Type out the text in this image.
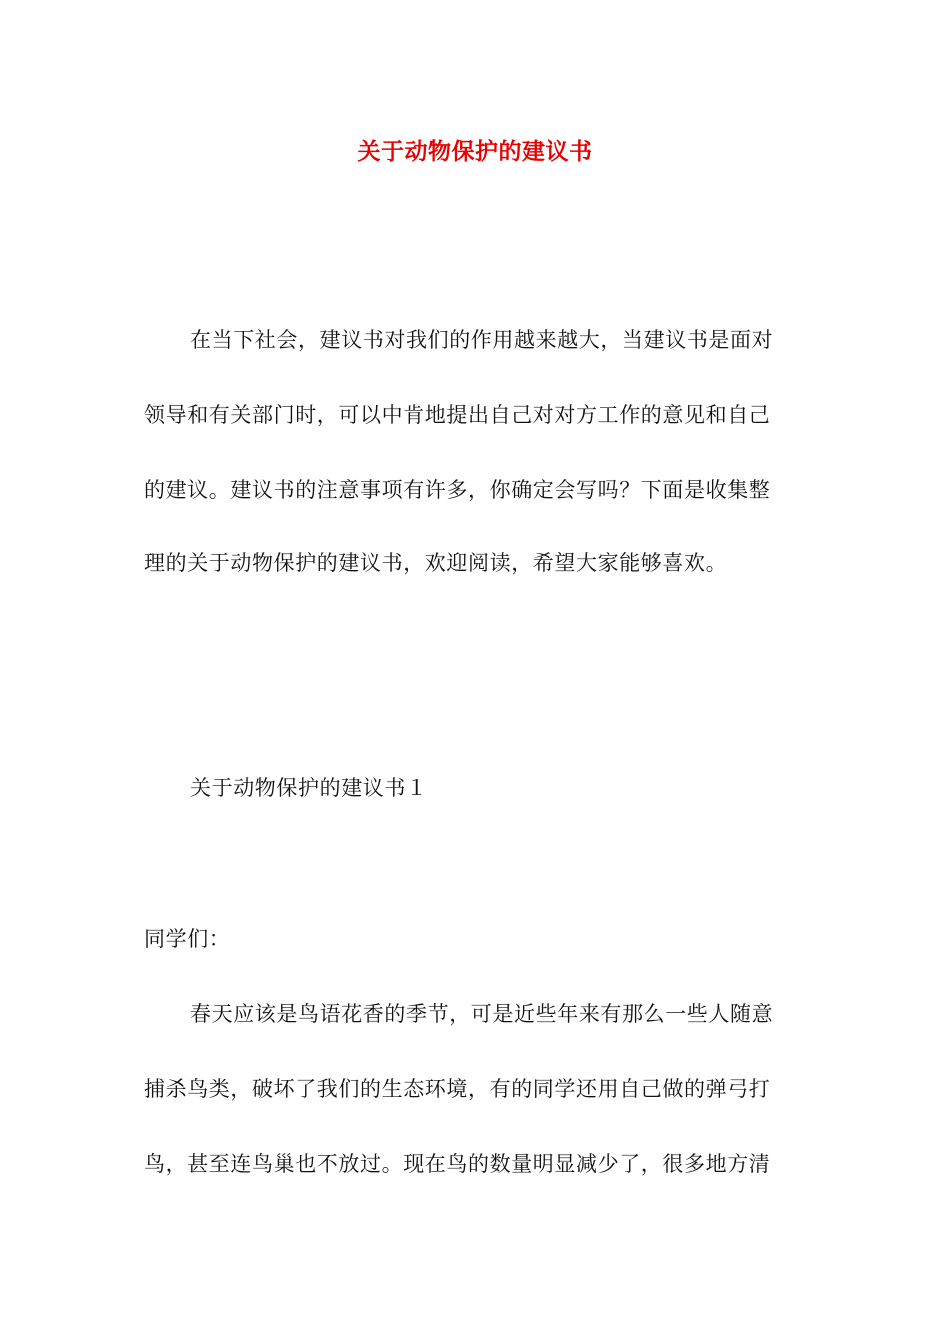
关于动物保护的建议书
在当下社会，建议书对我们的作用越来越大，当建议书是面对
领导和有关部门时，可以中肯地提出自己对对方工作的意见和自己
的建议。建议书的注意事项有许多，你确定会写吗？下面是收集整
理的关于动物保护的建议书，欢迎阅读，希望大家能够喜欢。
关于动物保护的建议书１
同学们：
春天应该是鸟语花香的季节，可是近些年来有那么一些人随意
捕杀鸟类，破坏了我们的生态环境，有的同学还用自己做的弹弓打
鸟，甚至连鸟巢也不放过。现在鸟的数量明显减少了，很多地方清
